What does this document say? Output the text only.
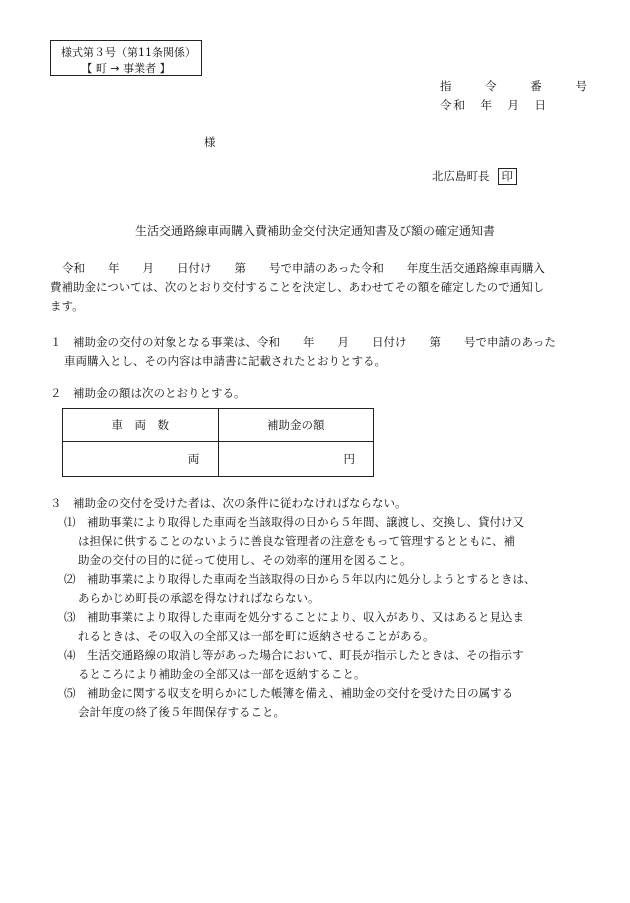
様式第３号（第11条関係）
【 町 → 事業者 】
指 令 番 号
令和　年　月　日
様
北広島町長 印
生活交通路線車両購入費補助金交付決定通知書及び額の確定通知書
令和　　年　　月　　日付け　　第　　号で申請のあった令和　　年度生活交通路線車両購入
費補助金については、次のとおり交付することを決定し、あわせてその額を確定したので通知し
ます。
１　補助金の交付の対象となる事業は、令和　　年　　月　　日付け　　第　　号で申請のあった
車両購入とし、その内容は申請書に記載されたとおりとする。
２　補助金の額は次のとおりとする。
車　両　数	補助金の額
両	円
３　補助金の交付を受けた者は、次の条件に従わなければならない。
⑴　補助事業により取得した車両を当該取得の日から５年間、譲渡し、交換し、貸付け又
は担保に供することのないように善良な管理者の注意をもって管理するとともに、補
助金の交付の目的に従って使用し、その効率的運用を図ること。
⑵　補助事業により取得した車両を当該取得の日から５年以内に処分しようとするときは、
あらかじめ町長の承認を得なければならない。
⑶　補助事業により取得した車両を処分することにより、収入があり、又はあると見込ま
れるときは、その収入の全部又は一部を町に返納させることがある。
⑷　生活交通路線の取消し等があった場合において、町長が指示したときは、その指示す
るところにより補助金の全部又は一部を返納すること。
⑸　補助金に関する収支を明らかにした帳簿を備え、補助金の交付を受けた日の属する
会計年度の終了後５年間保存すること。
